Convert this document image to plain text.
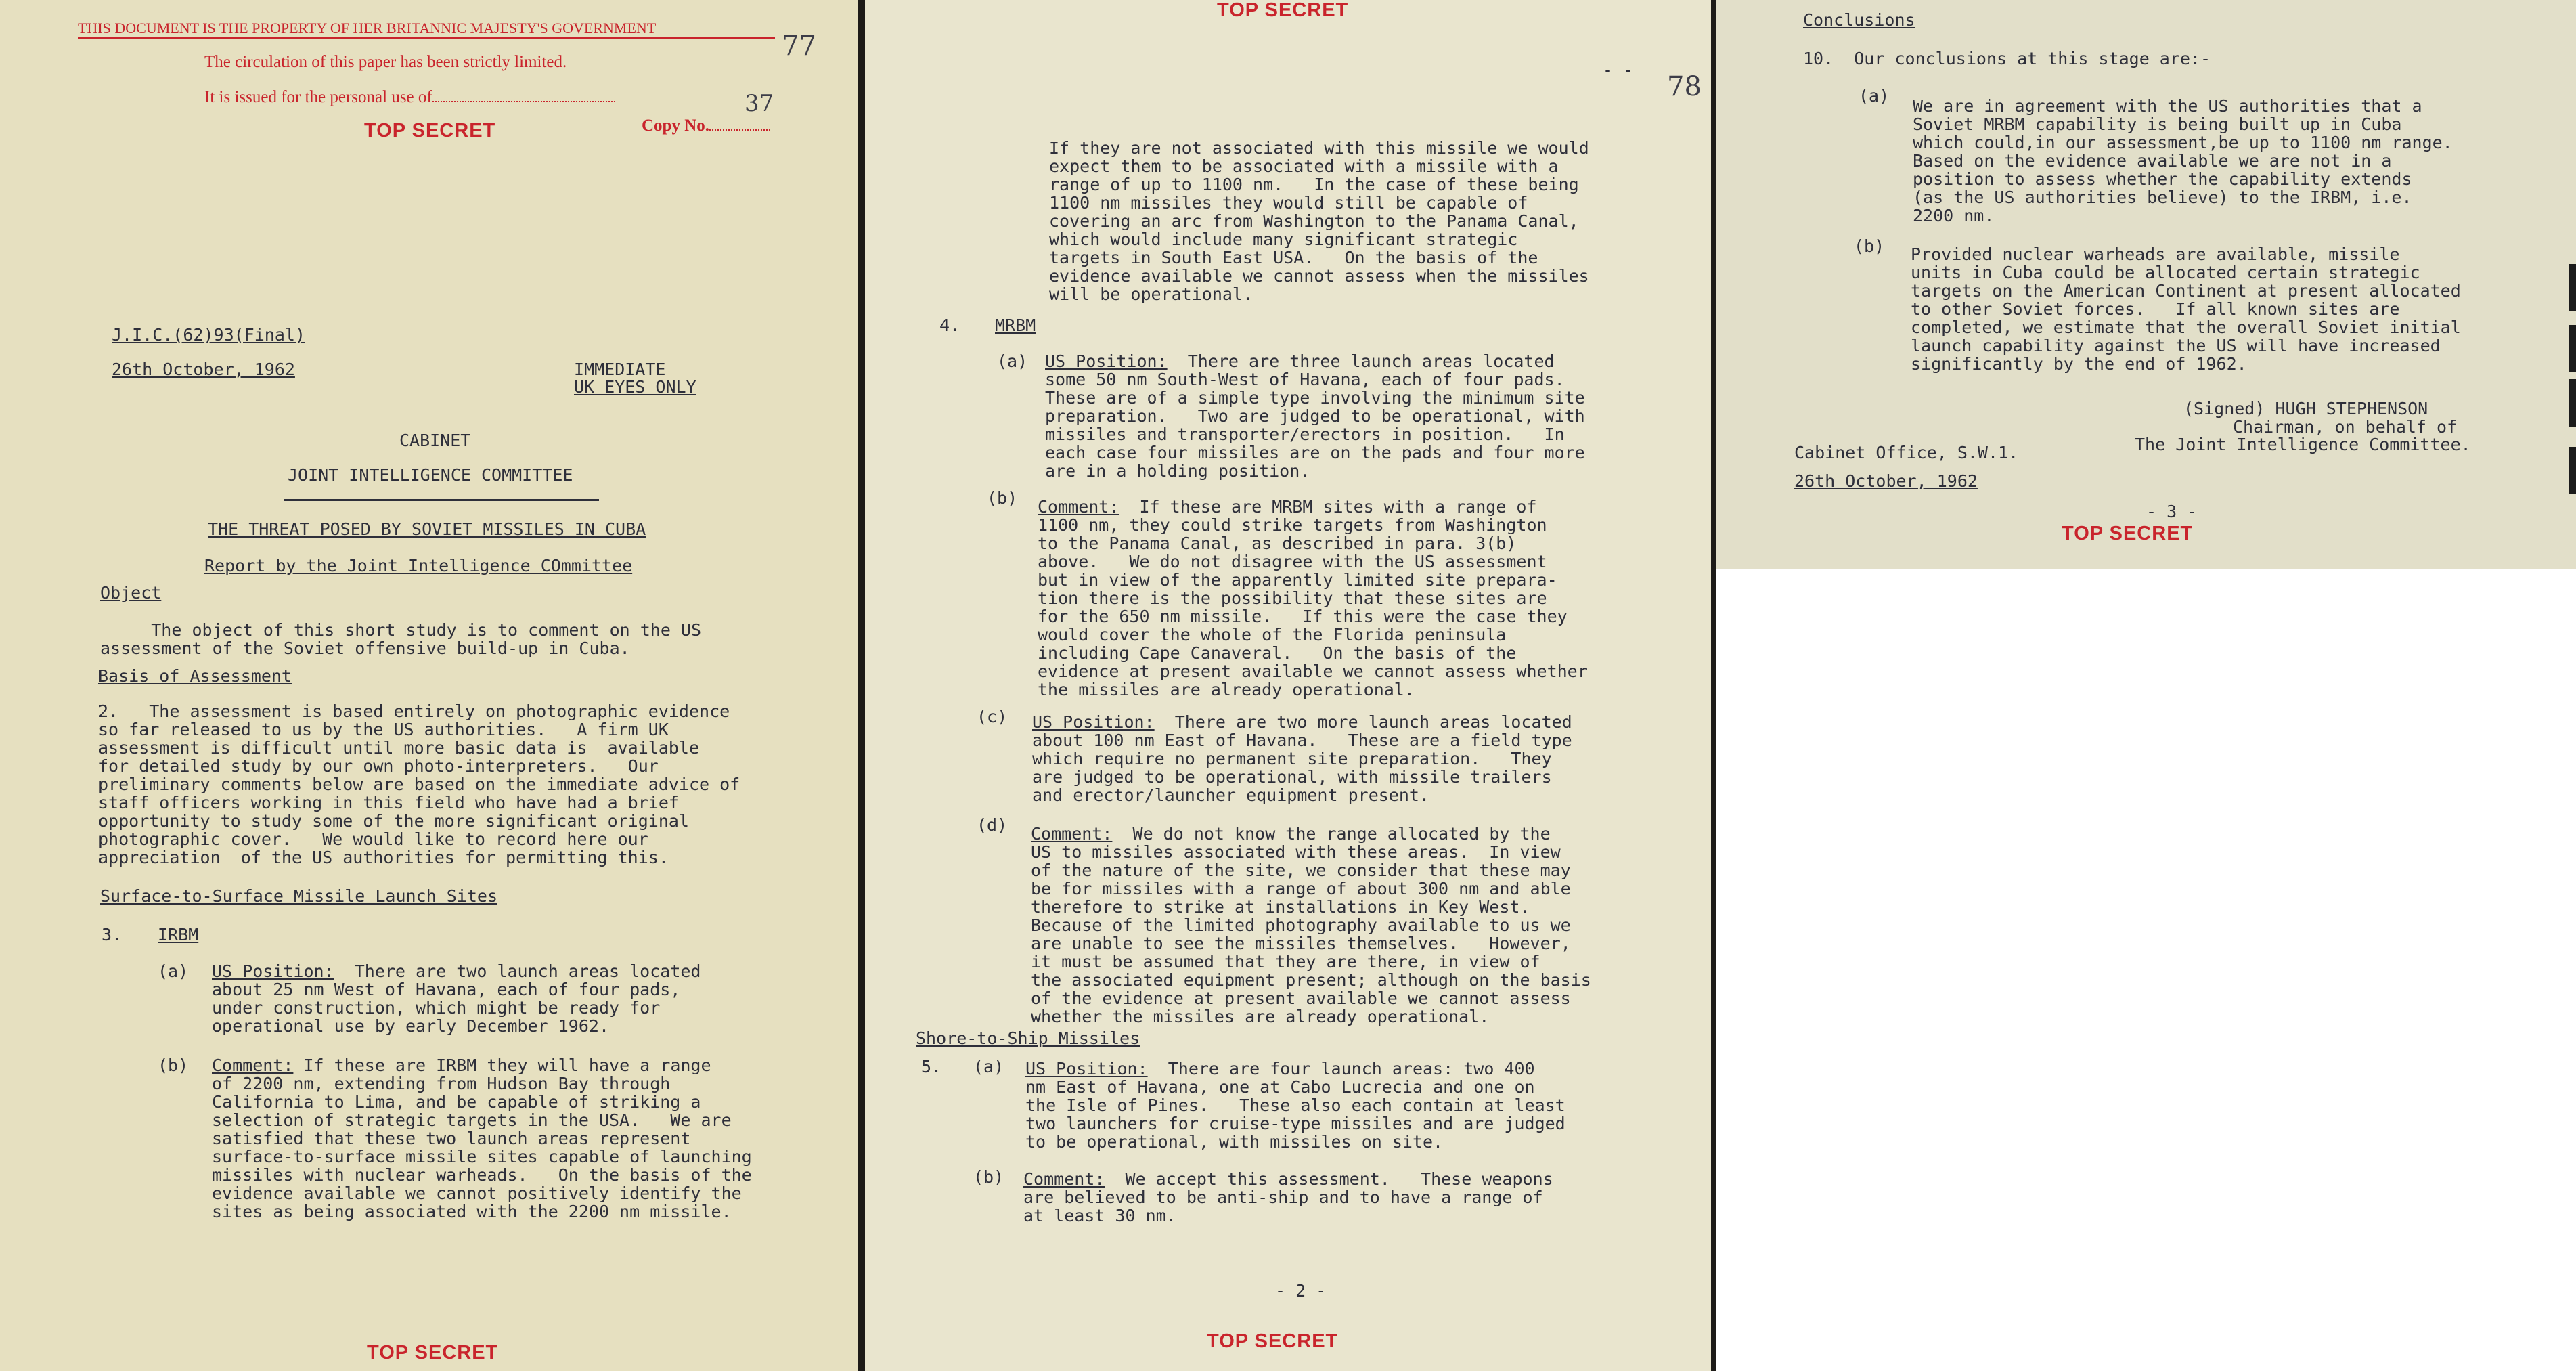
THIS DOCUMENT IS THE PROPERTY OF HER BRITANNIC MAJESTY'S GOVERNMENT
The circulation of this paper has been strictly limited.
77
It is issued for the personal use of
TOP SECRET	Copy No.
37
J.I.C.(62)93(Final)
26th October, 1962	IMMEDIATE
UK EYES ONLY
CABINET
JOINT INTELLIGENCE COMMITTEE
THE THREAT POSED BY SOVIET MISSILES IN CUBA
Report by the Joint Intelligence COmmittee
Object
The object of this short study is to comment on the US
assessment of the Soviet offensive build-up in Cuba.
Basis of Assessment
2.   The assessment is based entirely on photographic evidence
so far released to us by the US authorities.   A firm UK
assessment is difficult until more basic data is  available
for detailed study by our own photo-interpreters.   Our
preliminary comments below are based on the immediate advice of
staff officers working in this field who have had a brief
opportunity to study some of the more significant original
photographic cover.   We would like to record here our
appreciation  of the US authorities for permitting this.
Surface-to-Surface Missile Launch Sites
3. IRBM
(a) US Position:  There are two launch areas located
about 25 nm West of Havana, each of four pads,
under construction, which might be ready for
operational use by early December 1962.
(b) Comment: If these are IRBM they will have a range
of 2200 nm, extending from Hudson Bay through
California to Lima, and be capable of striking a
selection of strategic targets in the USA.   We are
satisfied that these two launch areas represent
surface-to-surface missile sites capable of launching
missiles with nuclear warheads.   On the basis of the
evidence available we cannot positively identify the
sites as being associated with the 2200 nm missile.
TOP SECRET
TOP SECRET
- -
78
If they are not associated with this missile we would
expect them to be associated with a missile with a
range of up to 1100 nm.   In the case of these being
1100 nm missiles they would still be capable of
covering an arc from Washington to the Panama Canal,
which would include many significant strategic
targets in South East USA.   On the basis of the
evidence available we cannot assess when the missiles
will be operational.
4. MRBM
(a) US Position:  There are three launch areas located
some 50 nm South-West of Havana, each of four pads.
These are of a simple type involving the minimum site
preparation.   Two are judged to be operational, with
missiles and transporter/erectors in position.   In
each case four missiles are on the pads and four more
are in a holding position.
(b) Comment:  If these are MRBM sites with a range of
1100 nm, they could strike targets from Washington
to the Panama Canal, as described in para. 3(b)
above.   We do not disagree with the US assessment
but in view of the apparently limited site prepara-
tion there is the possibility that these sites are
for the 650 nm missile.   If this were the case they
would cover the whole of the Florida peninsula
including Cape Canaveral.   On the basis of the
evidence at present available we cannot assess whether
the missiles are already operational.
(c) US Position:  There are two more launch areas located
about 100 nm East of Havana.   These are a field type
which require no permanent site preparation.   They
are judged to be operational, with missile trailers
and erector/launcher equipment present.
(d) Comment:  We do not know the range allocated by the
US to missiles associated with these areas.  In view
of the nature of the site, we consider that these may
be for missiles with a range of about 300 nm and able
therefore to strike at installations in Key West.
Because of the limited photography available to us we
are unable to see the missiles themselves.   However,
it must be assumed that they are there, in view of
the associated equipment present; although on the basis
of the evidence at present available we cannot assess
whether the missiles are already operational.
Shore-to-Ship Missiles
5. (a) US Position:  There are four launch areas: two 400
nm East of Havana, one at Cabo Lucrecia and one on
the Isle of Pines.   These also each contain at least
two launchers for cruise-type missiles and are judged
to be operational, with missiles on site.
(b) Comment:  We accept this assessment.   These weapons
are believed to be anti-ship and to have a range of
at least 30 nm.
- 2 -
TOP SECRET
Conclusions
10.  Our conclusions at this stage are:-
(a)
We are in agreement with the US authorities that a
Soviet MRBM capability is being built up in Cuba
which could,in our assessment,be up to 1100 nm range.
Based on the evidence available we are not in a
position to assess whether the capability extends
(as the US authorities believe) to the IRBM, i.e.
2200 nm.
(b) Provided nuclear warheads are available, missile
units in Cuba could be allocated certain strategic
targets on the American Continent at present allocated
to other Soviet forces.   If all known sites are
completed, we estimate that the overall Soviet initial
launch capability against the US will have increased
significantly by the end of 1962.
(Signed) HUGH STEPHENSON
Chairman, on behalf of
The Joint Intelligence Committee.
Cabinet Office, S.W.1.
26th October, 1962
- 3 -
TOP SECRET
